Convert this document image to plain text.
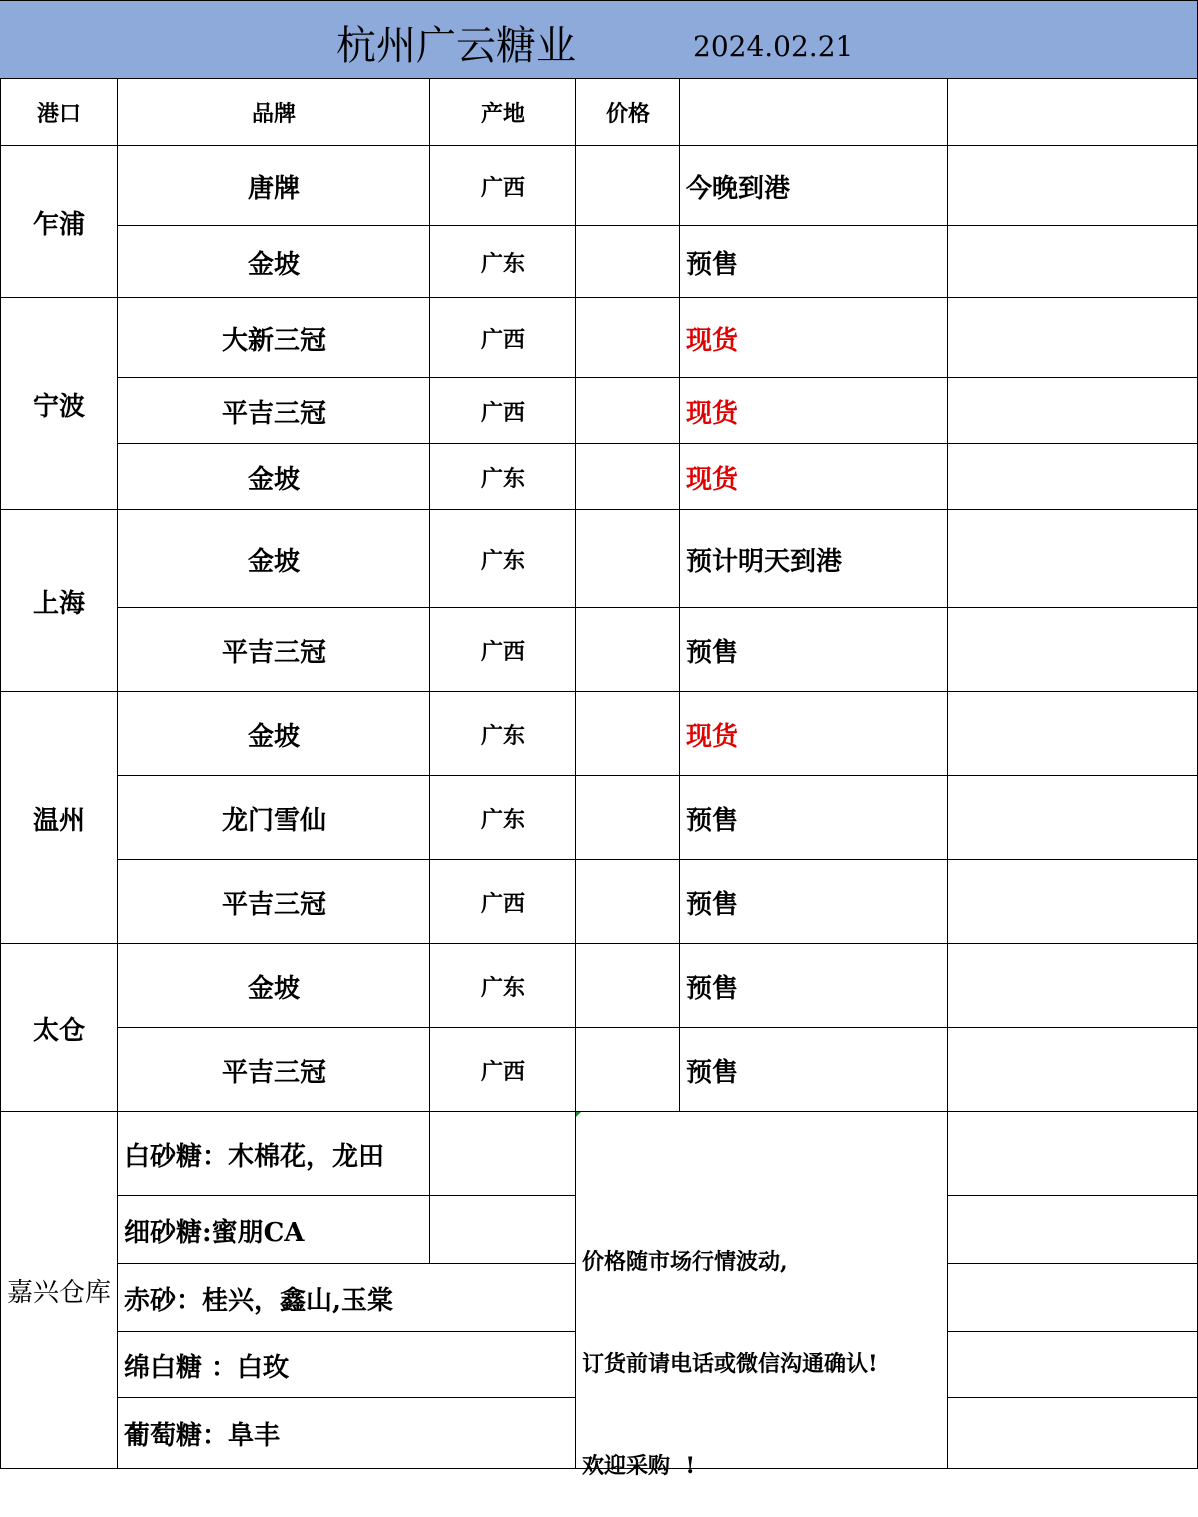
杭州广云糖业	2024.02.21
港口	品牌	产地	价格
乍浦
唐牌	广西	今晚到港
金坡	广东	预售
宁波
大新三冠	广西	现货
平吉三冠	广西	现货
金坡	广东	现货
上海
金坡	广东	预计明天到港
平吉三冠	广西	预售
温州
金坡	广东	现货
龙门雪仙	广东	预售
平吉三冠	广西	预售
太仓
金坡	广东	预售
平吉三冠	广西	预售
嘉兴仓库
白砂糖：木棉花，龙田
细砂糖:蜜朋CA
赤砂：桂兴，鑫山,玉棠
绵白糖 ：白玫
葡萄糖：阜丰

价格随市场行情波动,

订货前请电话或微信沟通确认!

欢迎采购  !
